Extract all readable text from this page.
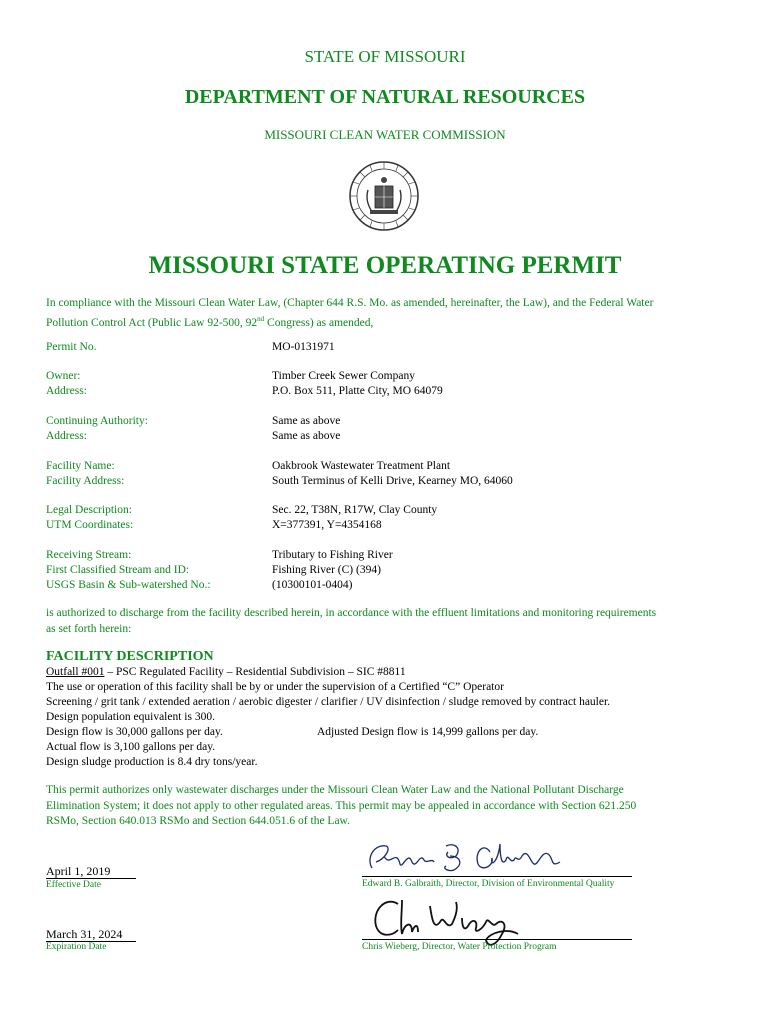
STATE OF MISSOURI
DEPARTMENT OF NATURAL RESOURCES
MISSOURI CLEAN WATER COMMISSION
MISSOURI STATE OPERATING PERMIT
In compliance with the Missouri Clean Water Law, (Chapter 644 R.S. Mo. as amended, hereinafter, the Law), and the Federal Water
Pollution Control Act (Public Law 92-500, 92nd Congress) as amended,
Permit No.	MO-0131971
Owner:	Timber Creek Sewer Company
Address:	P.O. Box 511, Platte City, MO 64079
Continuing Authority:	Same as above
Address:	Same as above
Facility Name:	Oakbrook Wastewater Treatment Plant
Facility Address:	South Terminus of Kelli Drive, Kearney MO, 64060
Legal Description:	Sec. 22, T38N, R17W, Clay County
UTM Coordinates:	X=377391, Y=4354168
Receiving Stream:	Tributary to Fishing River
First Classified Stream and ID:	Fishing River (C) (394)
USGS Basin & Sub-watershed No.:	(10300101-0404)
is authorized to discharge from the facility described herein, in accordance with the effluent limitations and monitoring requirements
as set forth herein:
FACILITY DESCRIPTION
Outfall #001 – PSC Regulated Facility – Residential Subdivision – SIC #8811
The use or operation of this facility shall be by or under the supervision of a Certified “C” Operator
Screening / grit tank / extended aeration / aerobic digester / clarifier / UV disinfection / sludge removed by contract hauler.
Design population equivalent is 300.
Design flow is 30,000 gallons per day.	Adjusted Design flow is 14,999 gallons per day.
Actual flow is 3,100 gallons per day.
Design sludge production is 8.4 dry tons/year.
This permit authorizes only wastewater discharges under the Missouri Clean Water Law and the National Pollutant Discharge
Elimination System; it does not apply to other regulated areas. This permit may be appealed in accordance with Section 621.250
RSMo, Section 640.013 RSMo and Section 644.051.6 of the Law.
April 1, 2019
Effective Date	Edward B. Galbraith, Director, Division of Environmental Quality
March 31, 2024
Expiration Date	Chris Wieberg, Director, Water Protection Program
